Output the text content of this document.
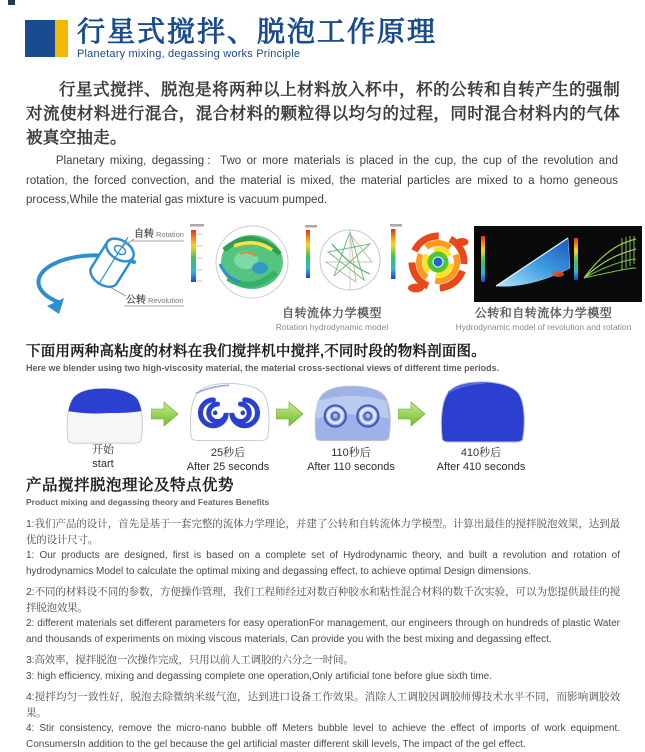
行星式搅拌、脱泡工作原理
Planetary mixing, degassing works Principle

行星式搅拌、脱泡是将两种以上材料放入杯中，杯的公转和自转产生的强制对流使材料进行混合，混合材料的颗粒得以均匀的过程，同时混合材料内的气体被真空抽走。

Planetary mixing, degassing：Two or more materials is placed in the cup, the cup of the revolution and rotation, the forced convection, and the material is mixed, the material particles are mixed to a homo geneous process,While the material gas mixture is vacuum pumped.

自转 Rotation
公转 Revolution
自转流体力学模型
Rotation hydrodynamic model
公转和自转流体力学模型
Hydrodynamic model of revolution and rotation
下面用两种高粘度的材料在我们搅拌机中搅拌,不同时段的物料剖面图。
Here we blender using two high-viscosity material, the material cross-sectional views of different time periods.
开始
start
25秒后
After 25 seconds
110秒后
After 110 seconds
410秒后
After 410 seconds
产品搅拌脱泡理论及特点优势
Product mixing and degassing theory and Features Benefits
1:我们产品的设计，首先是基于一套完整的流体力学理论，并建了公转和自转流体力学模型。计算出最佳的搅拌脱泡效果，达到最优的设计尺寸。
1: Our products are designed, first is based on a complete set of Hydrodynamic theory, and built a revolution and rotation of hydrodynamics Model to calculate the optimal mixing and degassing effect, to achieve optimal Design dimensions.
2:不同的材料设不同的参数，方便操作管理，我们工程师经过对数百种胶水和粘性混合材料的数千次实验，可以为您提供最佳的搅拌脱泡效果。
2: different materials set different parameters for easy operationFor management, our engineers through on hundreds of plastic Water and thousands of experiments on mixing viscous materials, Can provide you with the best mixing and degassing effect.
3:高效率，搅拌脱泡一次操作完成，只用以前人工调胶的六分之一时间。
3: high efficiency, mixing and degassing complete one operation,Only artificial tone before glue sixth time.
4:搅拌均匀一致性好，脱泡去除微纳米级气泡，达到进口设备工作效果。消除人工调胶因调胶师傅技术水平不同，而影响调胶效果。
4: Stir consistency, remove the micro-nano bubble off Meters bubble level to achieve the effect of imports of work equipment. ConsumersIn addition to the gel because the gel artificial master different skill levels, The impact of the gel effect.
